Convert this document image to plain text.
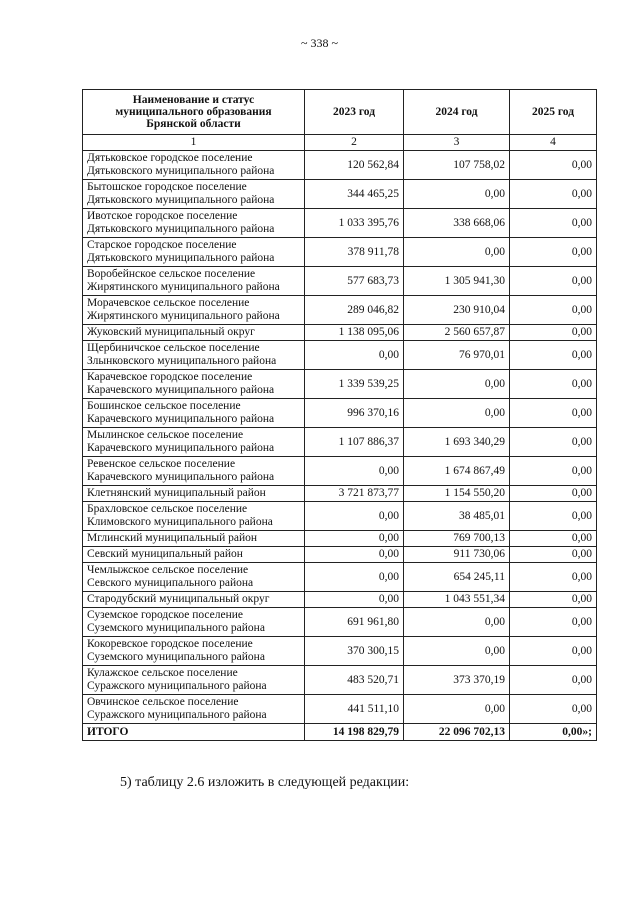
~ 338 ~
Наименование и статус
муниципального образования
Брянской области	2023 год	2024 год	2025 год
1	2	3	4
Дятьковское городское поселение
Дятьковского муниципального района	120 562,84	107 758,02	0,00
Бытошское городское поселение
Дятьковского муниципального района	344 465,25	0,00	0,00
Ивотское городское поселение
Дятьковского муниципального района	1 033 395,76	338 668,06	0,00
Старское городское поселение
Дятьковского муниципального района	378 911,78	0,00	0,00
Воробейнское сельское поселение
Жирятинского муниципального района	577 683,73	1 305 941,30	0,00
Морачевское сельское поселение
Жирятинского муниципального района	289 046,82	230 910,04	0,00
Жуковский муниципальный округ	1 138 095,06	2 560 657,87	0,00
Щербиничское сельское поселение
Злынковского муниципального района	0,00	76 970,01	0,00
Карачевское городское поселение
Карачевского муниципального района	1 339 539,25	0,00	0,00
Бошинское сельское поселение
Карачевского муниципального района	996 370,16	0,00	0,00
Мылинское сельское поселение
Карачевского муниципального района	1 107 886,37	1 693 340,29	0,00
Ревенское сельское поселение
Карачевского муниципального района	0,00	1 674 867,49	0,00
Клетнянский муниципальный район	3 721 873,77	1 154 550,20	0,00
Брахловское сельское поселение
Климовского муниципального района	0,00	38 485,01	0,00
Мглинский муниципальный район	0,00	769 700,13	0,00
Севский муниципальный район	0,00	911 730,06	0,00
Чемлыжское сельское поселение
Севского муниципального района	0,00	654 245,11	0,00
Стародубский муниципальный округ	0,00	1 043 551,34	0,00
Суземское городское поселение
Суземского муниципального района	691 961,80	0,00	0,00
Кокоревское городское поселение
Суземского муниципального района	370 300,15	0,00	0,00
Кулажское сельское поселение
Суражского муниципального района	483 520,71	373 370,19	0,00
Овчинское сельское поселение
Суражского муниципального района	441 511,10	0,00	0,00
ИТОГО	14 198 829,79	22 096 702,13	0,00»;
5) таблицу 2.6 изложить в следующей редакции:
